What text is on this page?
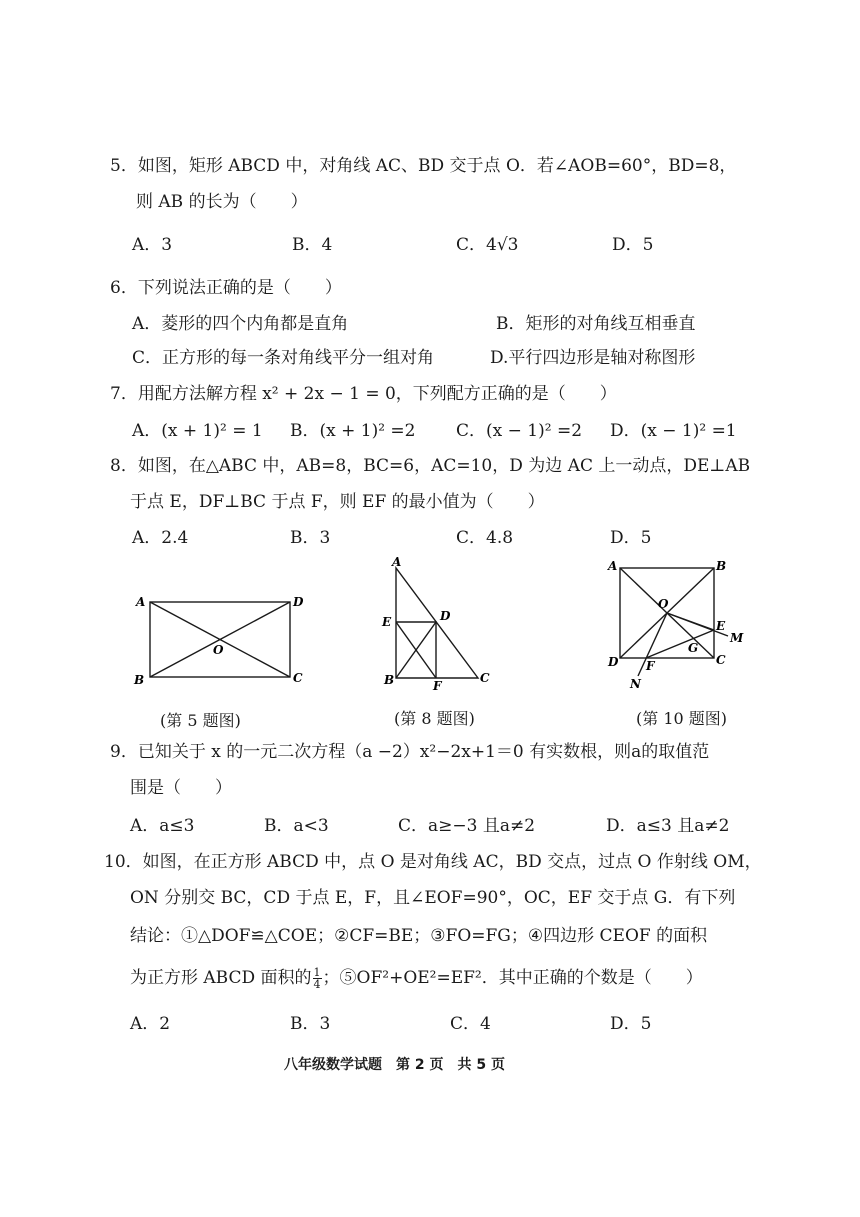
5．如图，矩形 ABCD 中，对角线 AC、BD 交于点 O．若∠AOB=60°，BD=8，
则 AB 的长为（　　）
A．3	B．4	C．4√3	D．5
6．下列说法正确的是（　　）
A．菱形的四个内角都是直角	B．矩形的对角线互相垂直
C．正方形的每一条对角线平分一组对角	D.平行四边形是轴对称图形
7．用配方法解方程 x² + 2x − 1 = 0，下列配方正确的是（　　）
A．(x + 1)² = 1 B．(x + 1)² =2 C．(x − 1)² =2 D．(x − 1)² =1
8．如图，在△ABC 中，AB=8，BC=6，AC=10，D 为边 AC 上一动点，DE⊥AB
于点 E，DF⊥BC 于点 F，则 EF 的最小值为（　　）
A．2.4	B．3	C．4.8	D．5
A	D
B	C
O
A
D
E
B	F
C
A	B
O
E
M
G
D F	C
N
(第 5 题图)	(第 8 题图)	(第 10 题图)
9．已知关于 x 的一元二次方程（a −2）x²−2x+1＝0 有实数根，则a的取值范
围是（　　）
A．a≤3	B．a<3	C．a≥−3 且a≠2	D．a≤3 且a≠2
10．如图，在正方形 ABCD 中，点 O 是对角线 AC，BD 交点，过点 O 作射线 OM，
ON 分别交 BC，CD 于点 E，F，且∠EOF=90°，OC，EF 交于点 G．有下列
结论：①△DOF≌△COE；②CF=BE；③FO=FG；④四边形 CEOF 的面积
为正方形 ABCD 面积的 $\frac{1}{4}$ ；⑤OF²+OE²=EF²．其中正确的个数是（　　）
A．2	B．3	C．4	D．5
八年级数学试题　第 2 页　共 5 页
